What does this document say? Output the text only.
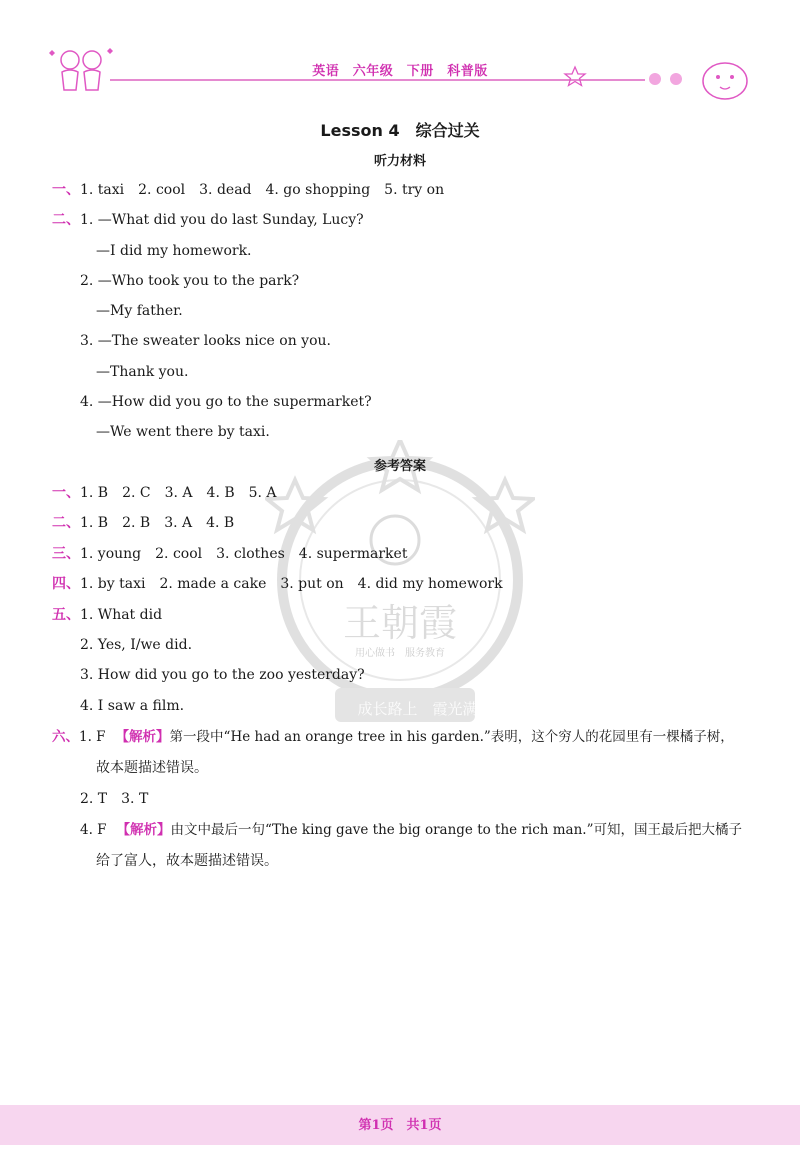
英语　六年级　下册　科普版
王朝霞
用心做书　服务教育
成长路上　霞光满天
Lesson 4　综合过关
听力材料
一、1. taxi　2. cool　3. dead　4. go shopping　5. try on
二、1. —What did you do last Sunday, Lucy?
—I did my homework.
2. —Who took you to the park?
—My father.
3. —The sweater looks nice on you.
—Thank you.
4. —How did you go to the supermarket?
—We went there by taxi.
参考答案
一、1. B　2. C　3. A　4. B　5. A
二、1. B　2. B　3. A　4. B
三、1. young　2. cool　3. clothes　4. supermarket
四、1. by taxi　2. made a cake　3. put on　4. did my homework
五、1. What did
2. Yes, I/we did.
3. How did you go to the zoo yesterday?
4. I saw a film.
六、1. F 【解析】第一段中“He had an orange tree in his garden.”表明，这个穷人的花园里有一棵橘子树，
故本题描述错误。
2. T　3. T
4. F 【解析】由文中最后一句“The king gave the big orange to the rich man.”可知，国王最后把大橘子
给了富人，故本题描述错误。
第1页　共1页
